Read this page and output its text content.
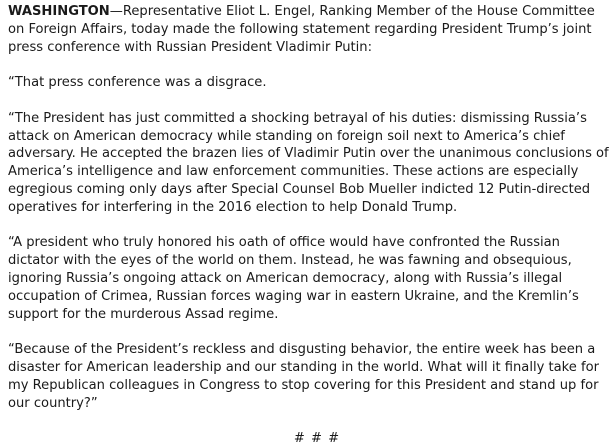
WASHINGTON—Representative Eliot L. Engel, Ranking Member of the House Committee on Foreign Affairs, today made the following statement regarding President Trump’s joint press conference with Russian President Vladimir Putin:

“That press conference was a disgrace.

“The President has just committed a shocking betrayal of his duties: dismissing Russia’s attack on American democracy while standing on foreign soil next to America’s chief adversary. He accepted the brazen lies of Vladimir Putin over the unanimous conclusions of America’s intelligence and law enforcement communities. These actions are especially egregious coming only days after Special Counsel Bob Mueller indicted 12 Putin-directed operatives for interfering in the 2016 election to help Donald Trump.

“A president who truly honored his oath of office would have confronted the Russian dictator with the eyes of the world on them. Instead, he was fawning and obsequious, ignoring Russia’s ongoing attack on American democracy, along with Russia’s illegal occupation of Crimea, Russian forces waging war in eastern Ukraine, and the Kremlin’s support for the murderous Assad regime.

“Because of the President’s reckless and disgusting behavior, the entire week has been a disaster for American leadership and our standing in the world. What will it finally take for my Republican colleagues in Congress to stop covering for this President and stand up for our country?”

# # #
